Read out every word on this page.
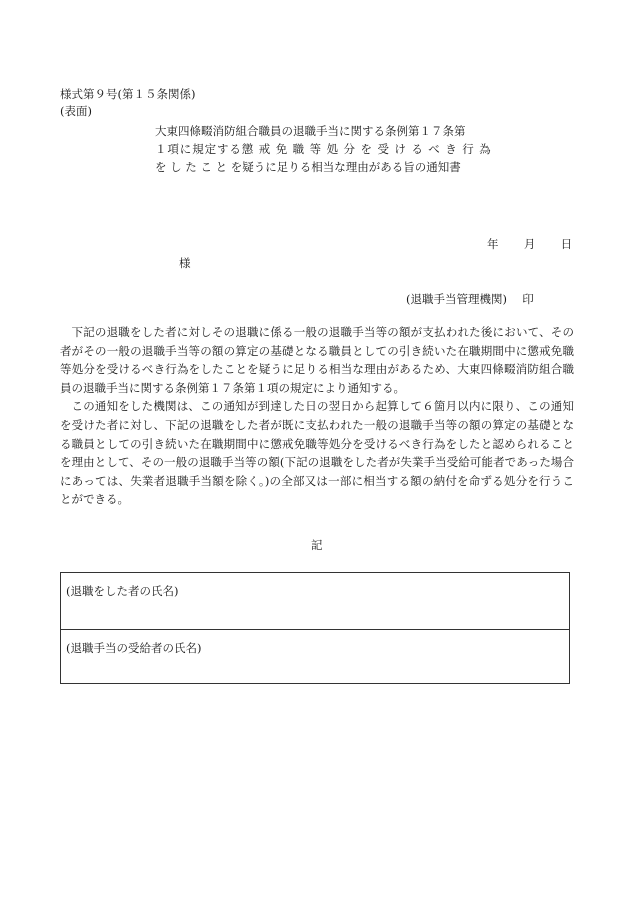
様式第９号(第１５条関係)
(表面)
大東四條畷消防組合職員の退職手当に関する条例第１７条第
１項に規定する懲 戒 免 職 等 処 分 を 受 け る べ き 行 為
を し た こ と を疑うに足りる相当な理由がある旨の通知書
年 月 日
様
(退職手当管理機関) 印

下記の退職をした者に対しその退職に係る一般の退職手当等の額が支払われた後において、その者がその一般の退職手当等の額の算定の基礎となる職員としての引き続いた在職期間中に懲戒免職等処分を受けるべき行為をしたことを疑うに足りる相当な理由があるため、大東四條畷消防組合職員の退職手当に関する条例第１７条第１項の規定により通知する。

この通知をした機関は、この通知が到達した日の翌日から起算して６箇月以内に限り、この通知を受けた者に対し、下記の退職をした者が既に支払われた一般の退職手当等の額の算定の基礎となる職員としての引き続いた在職期間中に懲戒免職等処分を受けるべき行為をしたと認められることを理由として、その一般の退職手当等の額(下記の退職をした者が失業手当受給可能者であった場合にあっては、失業者退職手当額を除く。)の全部又は一部に相当する額の納付を命ずる処分を行うことができる。

記
(退職をした者の氏名)
(退職手当の受給者の氏名)
